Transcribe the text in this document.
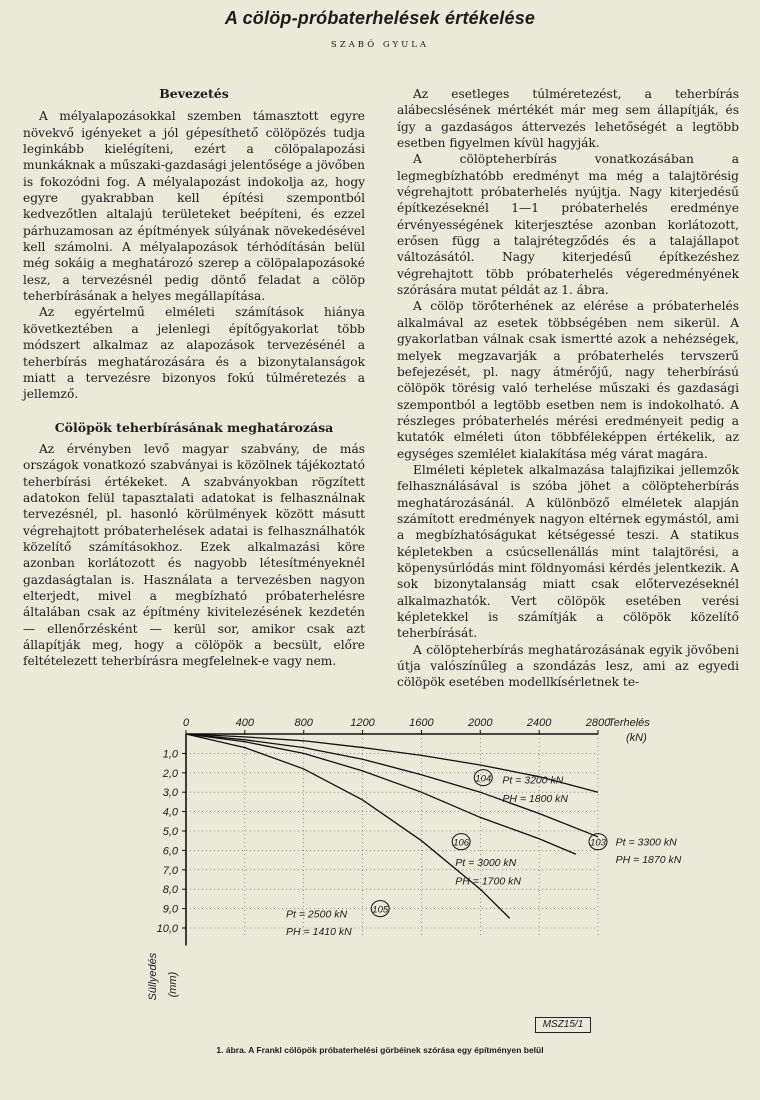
A cölöp-próbaterhelések értékelése
SZABÓ GYULA
Bevezetés

A mélyalapozásokkal szemben támasztott egyre növekvő igényeket a jól gépesíthető cölöpözés tudja leginkább kielégíteni, ezért a cölöpalapozási munkáknak a műszaki-gazdasági jelentősége a jövőben is fokozódni fog. A mélyalapozást indokolja az, hogy egyre gyakrabban kell építési szempontból kedvezőtlen altalajú területeket beépíteni, és ezzel párhuzamosan az építmények súlyának növekedésével kell számolni. A mélyalapozások térhódításán belül még sokáig a meghatározó szerep a cölöpalapozásoké lesz, a tervezésnél pedig döntő feladat a cölöp teherbírásának a helyes megállapítása.

Az egyértelmű elméleti számítások hiánya következtében a jelenlegi építőgyakorlat több módszert alkalmaz az alapozások tervezésénél a teherbírás meghatározására és a bizonytalanságok miatt a tervezésre bizonyos fokú túlméretezés a jellemző.

Cölöpök teherbírásának meghatározása

Az érvényben levő magyar szabvány, de más országok vonatkozó szabványai is közölnek tájékoztató teherbírási értékeket. A szabványokban rögzített adatokon felül tapasztalati adatokat is felhasználnak tervezésnél, pl. hasonló körülmények között másutt végrehajtott próbaterhelések adatai is felhasználhatók közelítő számításokhoz. Ezek alkalmazási köre azonban korlátozott és nagyobb létesítményeknél gazdaságtalan is. Használata a tervezésben nagyon elterjedt, mivel a megbízható próbaterhelésre általában csak az építmény kivitelezésének kezdetén — ellenőrzésként — kerül sor, amikor csak azt állapítják meg, hogy a cölöpök a becsült, előre feltételezett teherbírásra megfelelnek-e vagy nem.

Az esetleges túlméretezést, a teherbírás alábecslésének mértékét már meg sem állapítják, és így a gazdaságos áttervezés lehetőségét a legtöbb esetben figyelmen kívül hagyják.

A cölöpteherbírás vonatkozásában a legmegbízhatóbb eredményt ma még a talajtörésig végrehajtott próbaterhelés nyújtja. Nagy kiterjedésű építkezéseknél 1—1 próbaterhelés eredménye érvényességének kiterjesztése azonban korlátozott, erősen függ a talajrétegződés és a talajállapot változásától. Nagy kiterjedésű építkezéshez végrehajtott több próbaterhelés végeredményének szórására mutat példát az 1. ábra.

A cölöp törőterhének az elérése a próbaterhelés alkalmával az esetek többségében nem sikerül. A gyakorlatban válnak csak ismertté azok a nehézségek, melyek megzavarják a próbaterhelés tervszerű befejezését, pl. nagy átmérőjű, nagy teherbírású cölöpök törésig való terhelése műszaki és gazdasági szempontból a legtöbb esetben nem is indokolható. A részleges próbaterhelés mérési eredményeit pedig a kutatók elméleti úton többféleképpen értékelik, az egységes szemlélet kialakítása még várat magára.

Elméleti képletek alkalmazása talajfizikai jellemzők felhasználásával is szóba jöhet a cölöpteherbírás meghatározásánál. A különböző elméletek alapján számított eredmények nagyon eltérnek egymástól, ami a megbízhatóságukat kétségessé teszi. A statikus képletekben a csúcsellenállás mint talajtörési, a köpenysúrlódás mint földnyomási kérdés jelentkezik. A sok bizonytalanság miatt csak előtervezéseknél alkalmazhatók. Vert cölöpök esetében verési képletekkel is számítják a cölöpök közelítő teherbírását.

A cölöpteherbírás meghatározásának egyik jövőbeni útja valószínűleg a szondázás lesz, ami az egyedi cölöpök esetében modellkísérletnek te-

0	400	800	1200	1600	2000	2400	2800
Terhelés
(kN)
1,0
2,0
3,0
4,0
5,0
6,0
7,0
8,0
9,0
10,0
Süllyedés (mm)
104 Pt = 3200 kN
PH = 1800 kN
103 Pt = 3300 kN
PH = 1870 kN
106
Pt = 3000 kN
PH = 1700 kN
105
Pt = 2500 kN
PH = 1410 kN
MSZ15/1
1. ábra. A Frankl cölöpök próbaterhelési görbéinek szórása egy építményen belül
